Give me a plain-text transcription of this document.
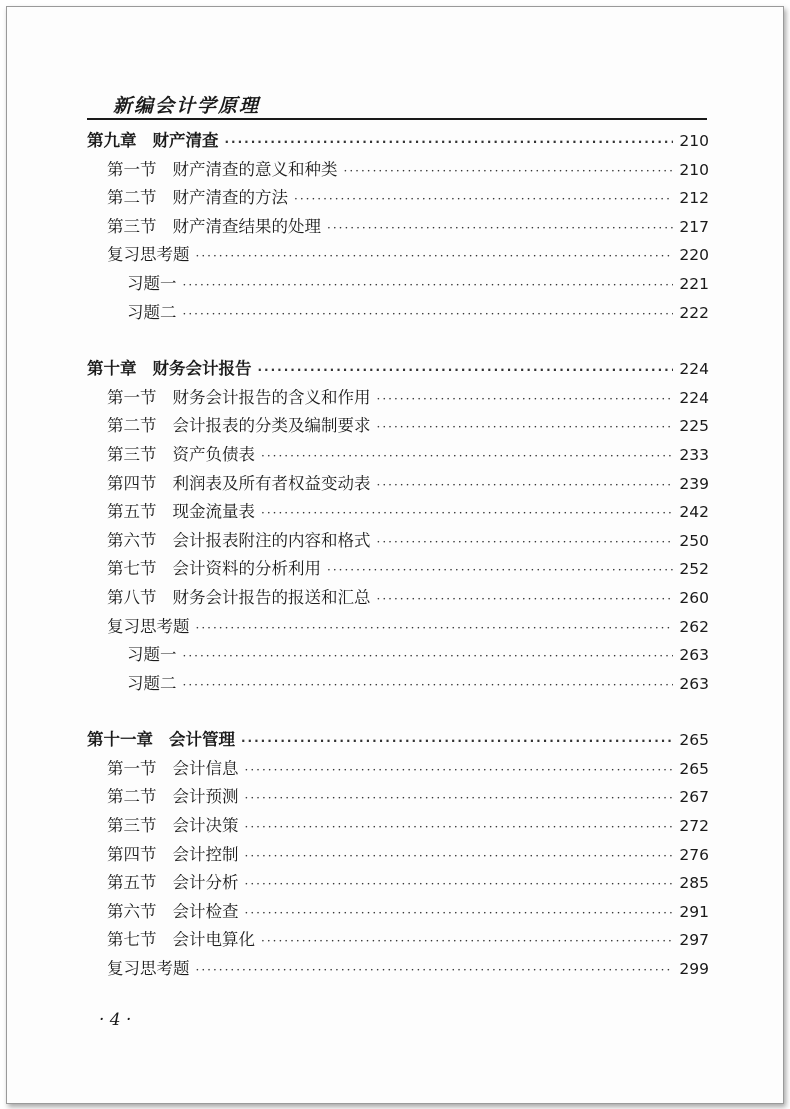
新编会计学原理
第九章 财产清查 ·····	210
第一节 财产清查的意义和种类 ·····	210
第二节 财产清查的方法 ·····	212
第三节 财产清查结果的处理 ·····	217
复习思考题 ·····	220
习题一 ·····	221
习题二 ·····	222
第十章 财务会计报告 ·····	224
第一节 财务会计报告的含义和作用 ·····	224
第二节 会计报表的分类及编制要求 ·····	225
第三节 资产负债表 ·····	233
第四节 利润表及所有者权益变动表 ·····	239
第五节 现金流量表 ·····	242
第六节 会计报表附注的内容和格式 ·····	250
第七节 会计资料的分析利用 ·····	252
第八节 财务会计报告的报送和汇总 ·····	260
复习思考题 ·····	262
习题一 ·····	263
习题二 ·····	263
第十一章 会计管理 ·····	265
第一节 会计信息 ·····	265
第二节 会计预测 ·····	267
第三节 会计决策 ·····	272
第四节 会计控制 ·····	276
第五节 会计分析 ·····	285
第六节 会计检查 ·····	291
第七节 会计电算化 ·····	297
复习思考题 ·····	299
· 4 ·
